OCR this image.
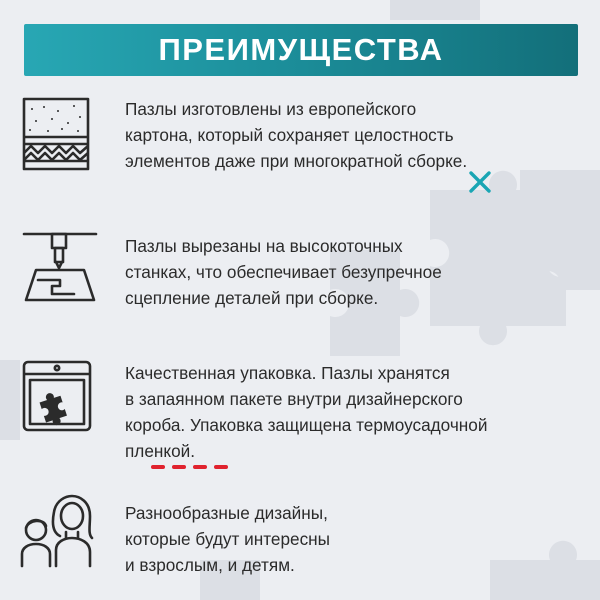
ПРЕИМУЩЕСТВА

Пазлы изготовлены из европейского
картона, который сохраняет целостность
элементов даже при многократной сборке.

Пазлы вырезаны на высокоточных
станках, что обеспечивает безупречное
сцепление деталей при сборке.

Качественная упаковка. Пазлы хранятся
в запаянном пакете внутри дизайнерского
короба. Упаковка защищена термоусадочной
пленкой.

Разнообразные дизайны,
которые будут интересны
и взрослым, и детям.
